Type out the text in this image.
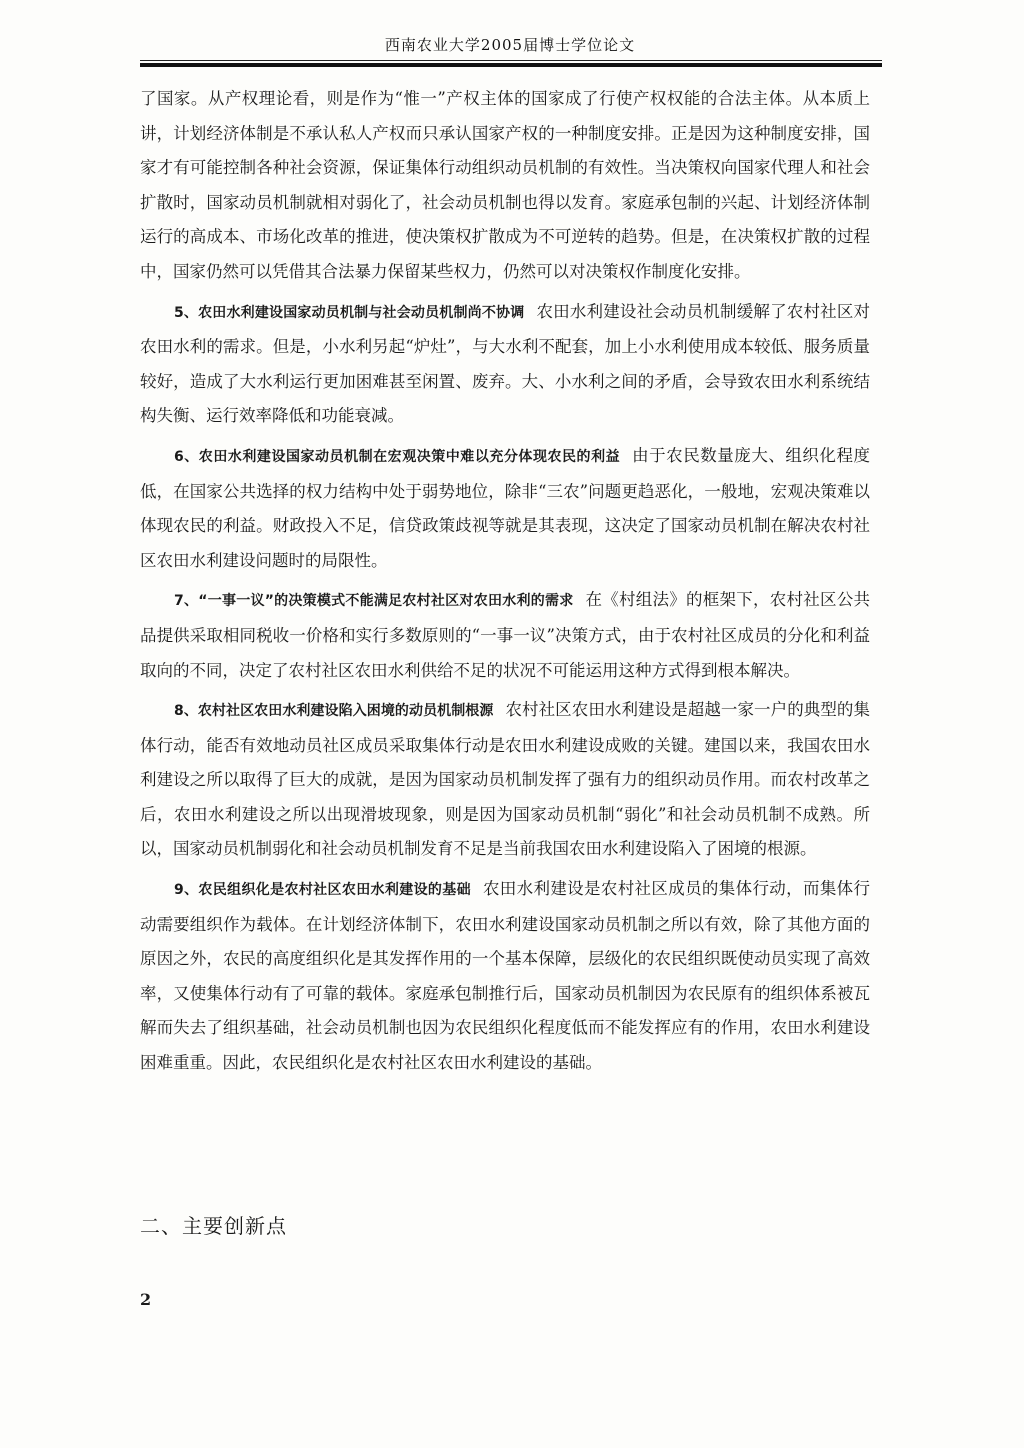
西南农业大学2005届博士学位论文

了国家。从产权理论看，则是作为“惟一”产权主体的国家成了行使产权权能的合法主体。从本质上讲，计划经济体制是不承认私人产权而只承认国家产权的一种制度安排。正是因为这种制度安排，国家才有可能控制各种社会资源，保证集体行动组织动员机制的有效性。当决策权向国家代理人和社会扩散时，国家动员机制就相对弱化了，社会动员机制也得以发育。家庭承包制的兴起、计划经济体制运行的高成本、市场化改革的推进，使决策权扩散成为不可逆转的趋势。但是，在决策权扩散的过程中，国家仍然可以凭借其合法暴力保留某些权力，仍然可以对决策权作制度化安排。

5、农田水利建设国家动员机制与社会动员机制尚不协调 农田水利建设社会动员机制缓解了农村社区对农田水利的需求。但是，小水利另起“炉灶”，与大水利不配套，加上小水利使用成本较低、服务质量较好，造成了大水利运行更加困难甚至闲置、废弃。大、小水利之间的矛盾，会导致农田水利系统结构失衡、运行效率降低和功能衰减。

6、农田水利建设国家动员机制在宏观决策中难以充分体现农民的利益 由于农民数量庞大、组织化程度低，在国家公共选择的权力结构中处于弱势地位，除非“三农”问题更趋恶化，一般地，宏观决策难以体现农民的利益。财政投入不足，信贷政策歧视等就是其表现，这决定了国家动员机制在解决农村社区农田水利建设问题时的局限性。

7、“一事一议”的决策模式不能满足农村社区对农田水利的需求 在《村组法》的框架下，农村社区公共品提供采取相同税收一价格和实行多数原则的“一事一议”决策方式，由于农村社区成员的分化和利益取向的不同，决定了农村社区农田水利供给不足的状况不可能运用这种方式得到根本解决。

8、农村社区农田水利建设陷入困境的动员机制根源 农村社区农田水利建设是超越一家一户的典型的集体行动，能否有效地动员社区成员采取集体行动是农田水利建设成败的关键。建国以来，我国农田水利建设之所以取得了巨大的成就，是因为国家动员机制发挥了强有力的组织动员作用。而农村改革之后，农田水利建设之所以出现滑坡现象，则是因为国家动员机制“弱化”和社会动员机制不成熟。所以，国家动员机制弱化和社会动员机制发育不足是当前我国农田水利建设陷入了困境的根源。

9、农民组织化是农村社区农田水利建设的基础 农田水利建设是农村社区成员的集体行动，而集体行动需要组织作为载体。在计划经济体制下，农田水利建设国家动员机制之所以有效，除了其他方面的原因之外，农民的高度组织化是其发挥作用的一个基本保障，层级化的农民组织既使动员实现了高效率，又使集体行动有了可靠的载体。家庭承包制推行后，国家动员机制因为农民原有的组织体系被瓦解而失去了组织基础，社会动员机制也因为农民组织化程度低而不能发挥应有的作用，农田水利建设困难重重。因此，农民组织化是农村社区农田水利建设的基础。

二、主要创新点
2
